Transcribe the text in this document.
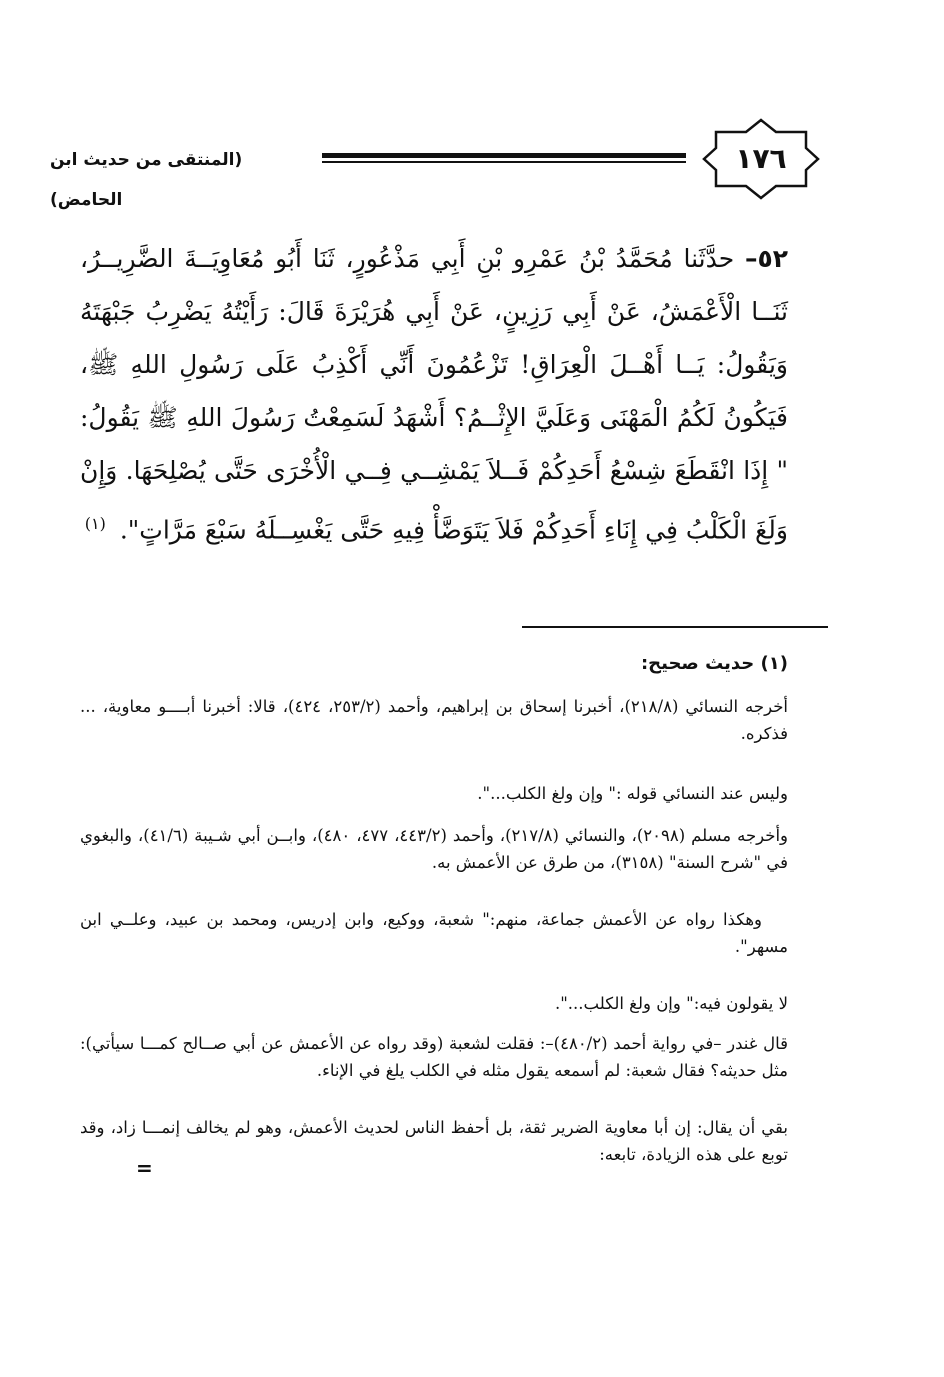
(المنتقى من حديث ابن الحامض)
١٧٦
٥٢– حدَّثَنا مُحَمَّدُ بْنُ عَمْرِو بْنِ أَبِي مَذْعُورٍ، ثَنَا أَبُو مُعَاوِيَــةَ الضَّرِيــرُ، ثَنَــا الْأَعْمَشُ، عَنْ أَبِي رَزِينٍ، عَنْ أَبِي هُرَيْرَةَ قَالَ: رَأَيْتُهُ يَضْرِبُ جَبْهَتَهُ وَيَقُولُ: يَــا أَهْــلَ الْعِرَاقِ! تَزْعُمُونَ أَنِّي أَكْذِبُ عَلَى رَسُولِ اللهِ ﷺ، فَيَكُونُ لَكُمُ الْمَهْنَى وَعَلَيَّ الإِثْــمُ؟ أَشْهَدُ لَسَمِعْتُ رَسُولَ اللهِ ﷺ يَقُولُ: " إِذَا انْقَطَعَ شِسْعُ أَحَدِكُمْ فَــلاَ يَمْشِــي فِــي الْأُخْرَى حَتَّى يُصْلِحَهَا. وَإِنْ وَلَغَ الْكَلْبُ فِي إِنَاءِ أَحَدِكُمْ فَلاَ يَتَوَضَّأْ فِيهِ حَتَّى يَغْسِــلَهُ سَبْعَ مَرَّاتٍ". $^{(١)}$
(١) حديث صحيح:
أخرجه النسائي (٢١٨/٨)، أخبرنا إسحاق بن إبراهيم، وأحمد (٢٥٣/٢، ٤٢٤)، قالا: أخبرنا أبــــو معاوية، ... فذكره.
وليس عند النسائي قوله :" وإن ولغ الكلب...".
وأخرجه مسلم (٢٠٩٨)، والنسائي (٢١٧/٨)، وأحمد (٤٤٣/٢، ٤٧٧، ٤٨٠)، وابــن أبي شـيبة (٤١/٦)، والبغوي في "شرح السنة" (٣١٥٨)، من طرق عن الأعمش به.
وهكذا رواه عن الأعمش جماعة، منهم:" شعبة، ووكيع، وابن إدريس، ومحمد بن عبيد، وعلــي ابن مسهر".
لا يقولون فيه:" وإن ولغ الكلب...".
قال غندر –في رواية أحمد (٤٨٠/٢)–: فقلت لشعبة (وقد رواه عن الأعمش عن أبي صــالح كمـــا سيأتي): مثل حديثه؟ فقال شعبة: لم أسمعه يقول مثله في الكلب يلغ في الإناء.
بقي أن يقال: إن أبا معاوية الضرير ثقة، بل أحفظ الناس لحديث الأعمش، وهو لم يخالف إنمـــا زاد، وقد توبع على هذه الزيادة، تابعه:
=
